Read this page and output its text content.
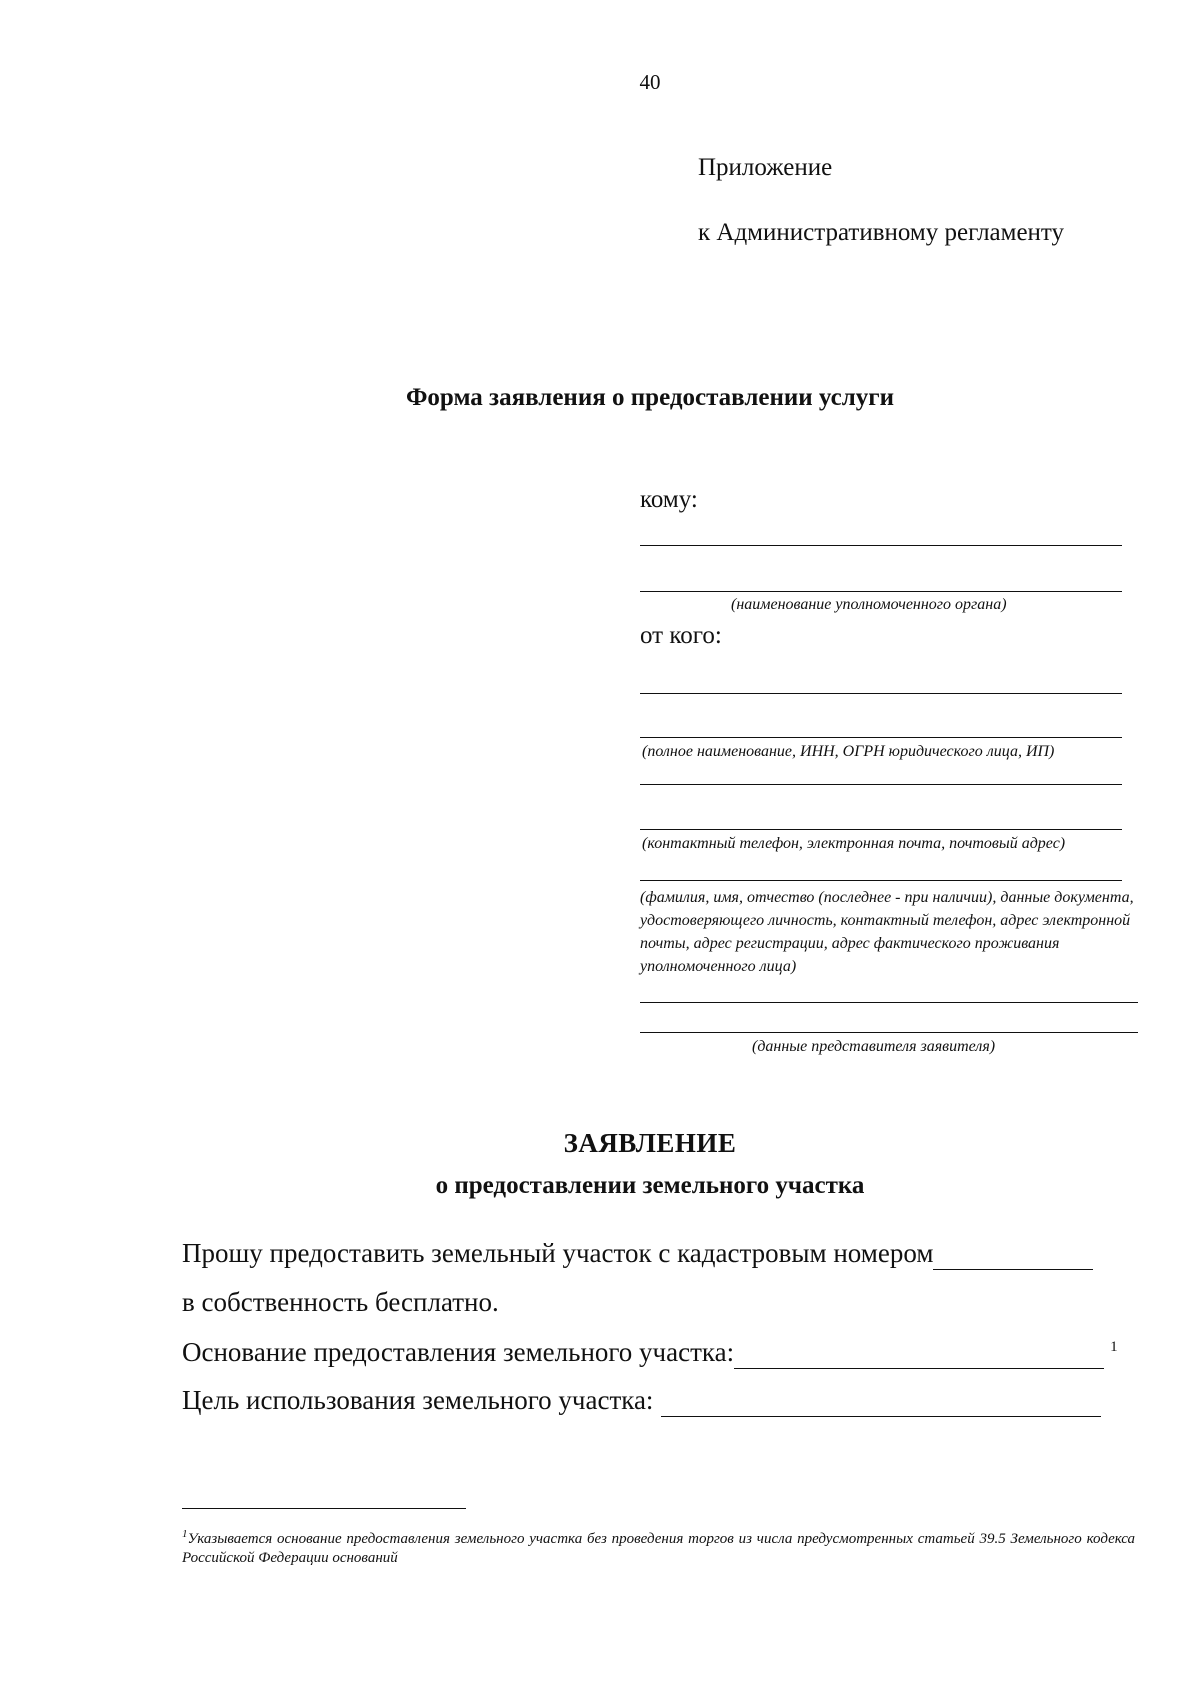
40
Приложение
к Административному регламенту
Форма заявления о предоставлении услуги
кому:
(наименование уполномоченного органа)
от кого:
(полное наименование, ИНН, ОГРН юридического лица, ИП)
(контактный телефон, электронная почта, почтовый адрес)
(фамилия, имя, отчество (последнее - при наличии), данные документа, удостоверяющего личность, контактный телефон, адрес электронной почты, адрес регистрации, адрес фактического проживания уполномоченного лица)
(данные представителя заявителя)
ЗАЯВЛЕНИЕ
о предоставлении земельного участка
Прошу предоставить земельный участок с кадастровым номером
в собственность бесплатно.
Основание предоставления земельного участка:	$^1$
Цель использования земельного участка:
$^1$Указывается основание предоставления земельного участка без проведения торгов из числа предусмотренных статьей 39.5 Земельного кодекса Российской Федерации оснований
